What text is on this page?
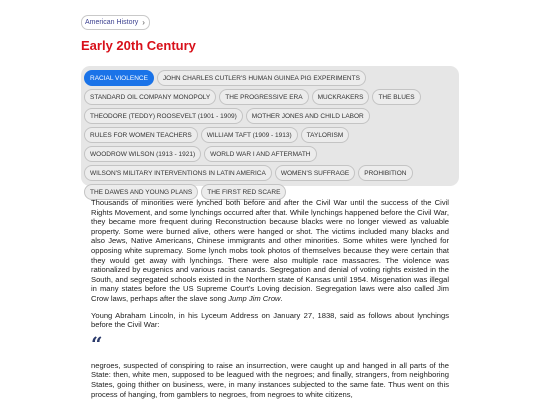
American History ›
Early 20th Century
RACIAL VIOLENCE	JOHN CHARLES CUTLER'S HUMAN GUINEA PIG EXPERIMENTS
STANDARD OIL COMPANY MONOPOLY	THE PROGRESSIVE ERA	MUCKRAKERS	THE BLUES
THEODORE (TEDDY) ROOSEVELT (1901 - 1909)	MOTHER JONES AND CHILD LABOR
RULES FOR WOMEN TEACHERS	WILLIAM TAFT (1909 - 1913)	TAYLORISM
WOODROW WILSON (1913 - 1921)	WORLD WAR I AND AFTERMATH
WILSON'S MILITARY INTERVENTIONS IN LATIN AMERICA	WOMEN'S SUFFRAGE	PROHIBITION
THE DAWES AND YOUNG PLANS	THE FIRST RED SCARE

Thousands of minorities were lynched both before and after the Civil War until the success of the Civil Rights Movement, and some lynchings occurred after that. While lynchings happened before the Civil War, they became more frequent during Reconstruction because blacks were no longer viewed as valuable property. Some were burned alive, others were hanged or shot. The victims included many blacks and also Jews, Native Americans, Chinese immigrants and other minorities. Some whites were lynched for opposing white supremacy. Some lynch mobs took photos of themselves because they were certain that they would get away with lynchings. There were also multiple race massacres. The violence was rationalized by eugenics and various racist canards. Segregation and denial of voting rights existed in the South, and segregated schools existed in the Northern state of Kansas until 1954. Misgenation was illegal in many states before the US Supreme Court's Loving decision. Segregation laws were also called Jim Crow laws, perhaps after the slave song Jump Jim Crow.

Young Abraham Lincoln, in his Lyceum Address on January 27, 1838, said as follows about lynchings before the Civil War:

“

negroes, suspected of conspiring to raise an insurrection, were caught up and hanged in all parts of the State: then, white men, supposed to be leagued with the negroes; and finally, strangers, from neighboring States, going thither on business, were, in many instances subjected to the same fate. Thus went on this process of hanging, from gamblers to negroes, from negroes to white citizens,
